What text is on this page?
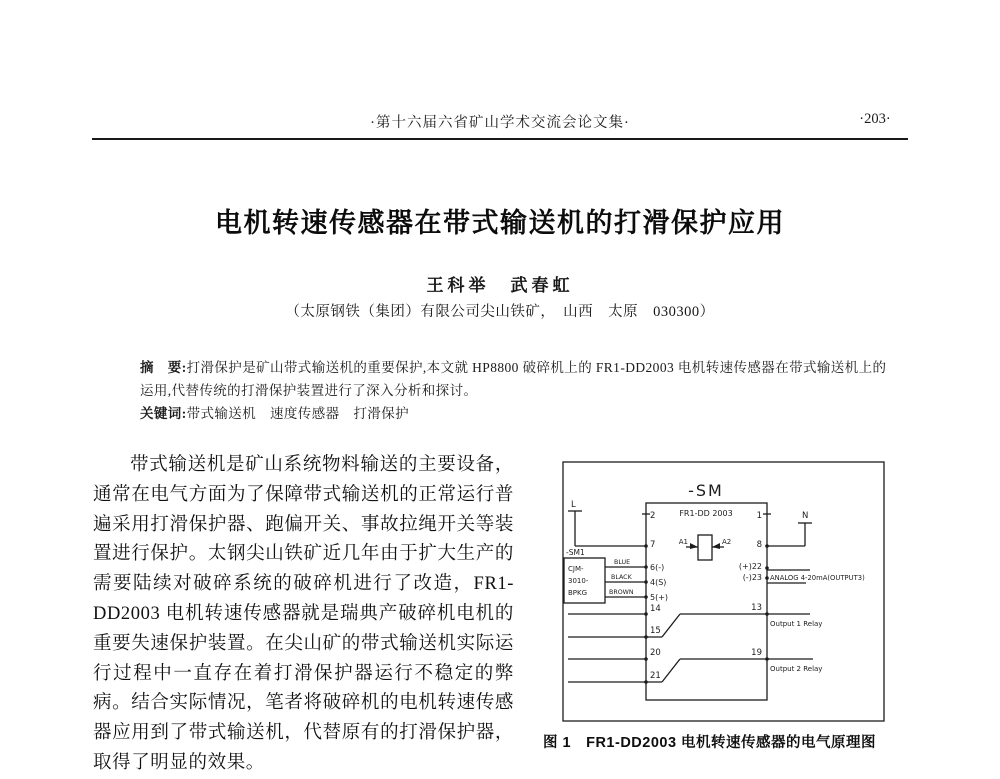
·第十六届六省矿山学术交流会论文集·	·203·
电机转速传感器在带式输送机的打滑保护应用
王科举　武春虹
（太原钢铁（集团）有限公司尖山铁矿，　山西　太原　030300）
摘　要:打滑保护是矿山带式输送机的重要保护,本文就 HP8800 破碎机上的 FR1-DD2003 电机转速传感器在带式输送机上的运用,代替传统的打滑保护装置进行了深入分析和探讨。
关键词:带式输送机　速度传感器　打滑保护
带式输送机是矿山系统物料输送的主要设备，通常在电气方面为了保障带式输送机的正常运行普遍采用打滑保护器、跑偏开关、事故拉绳开关等装置进行保护。太钢尖山铁矿近几年由于扩大生产的需要陆续对破碎系统的破碎机进行了改造，FR1-DD2003 电机转速传感器就是瑞典产破碎机电机的重要失速保护装置。在尖山矿的带式输送机实际运行过程中一直存在着打滑保护器运行不稳定的弊病。结合实际情况，笔者将破碎机的电机转速传感器应用到了带式输送机，代替原有的打滑保护器，取得了明显的效果。
-SM
FR1-DD 2003
2
7
6(-)
4(S)
5(+)
14
15
20
21
1
8
(+)22
(-)23
13
19
L
N
A1	A2
-SM1
CJM-
3010-
BPKG
BLUE
BLACK
BROWN
ANALOG 4-20mA(OUTPUT3)
Output 1 Relay
Output 2 Relay
图 1　FR1-DD2003 电机转速传感器的电气原理图
